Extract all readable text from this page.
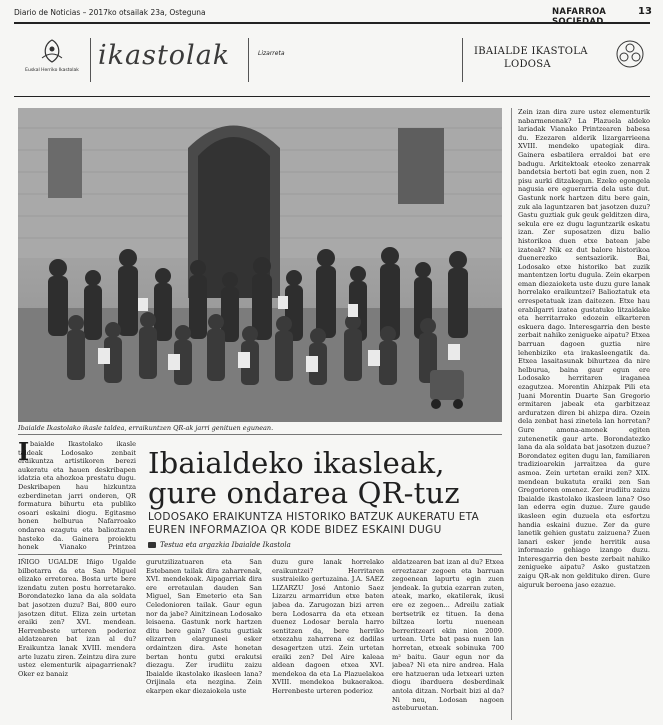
Diario de Noticias – 2017ko otsailak 23a, Osteguna	NAFARROA	13
Euskal Herriko Ikastolak ikastolak	Lizarreta	IBAIALDE IKASTOLA
LODOSA
Ibaialde Ikastolako ikasle taldea, erraikuntzen QR-ak jarri genituen egunean.
I baialde Ikastolako ikasle taldeak Lodosako zenbait eraikuntza artistikoren berezi aukeratu eta hauen deskribapen idatzia eta ahozkoa prestatu dugu. Deskribapen hau hizkuntza ezberdinetan jarri onderen, QR formatura bihurtu eta publiko osoari eskaini diogu. Egitasmo honen helburua Nafarroako ondarea ezagutu eta balioztazen hasteko da. Gainera proiektu honek Vianako Printzea
Ibaialdeko ikasleak, gure ondarea QR-tuz
LODOSAKO ERAIKUNTZA HISTORIKO BATZUK AUKERATU ETA EUREN INFORMAZIOA QR KODE BIDEZ ESKAINI DUGU
Testua eta argazkia Ibaialde Ikastola
IÑIGO UGALDE Iñigo Ugalde bilbotarra da eta San Miguel elizako erretorea. Bosta urte bere izendatu zuten postu horretarako. Borondatezko lana da ala soldata bat jasotzen duzu? Bai, 800 euro jasotzen ditut. Eliza zein urtetan eraiki zen? XVI. mendean. Herrenbeste urteren poderioz aldatzearen bat izan al du? Eraikuntza lanak XVIII. mendera arte luzatu ziren. Zeintzu dira zure ustez elementurik aipagarrienak? Oker ez banaiz
gurutzilizatuaren eta San Estebanen tailak dira zaharrenak, XVI. mendekoak. Aipagarriak dira ere erretaulan dauden San Miguel, San Emeterio eta San Celedonioren tailak. Gaur egun nor da jabe? Ainitzinean Lodosako leisaena. Gastunk nork hartzen ditu bere gain? Gastu guztiak elizarren elarguneei esker ordaintzen dira. Aste honetan bertan hontu gutxi erakutsi diezagu. Zer irudiitu zaizu Ibaialde ikastolako ikasleen lana? Orijinala eta nezgina. Zein ekarpen ekar diezaiokela uste
duzu gure lanak horrelako eraikuntzei? Herritaren sustraieiko gertuzaina. J.A. SAEZ LIZARZU José Antonio Saez Lizarzu armarridun etxe baten jabea da. Zarugozan bizi arren bera Lodosarra da eta etxean duenez Lodosar berala harro sentitzen da, bere herriko etxezahu zaharrena ez dadilas desagertzen utzi. Zein urtetan eraiki zen? Del Aire kaleaa aldean dagoen etxea XVI. mendekoa da eta La Plazuelakoa XVIII. mendekoa bukaerakoa. Herrenbeste urteren poderioz
aldatzearen bat izan al du? Etxea erreztazar zegoen eta barruan zegoenean lapurtu egin zuen jendeak. Ia gutxia ezarran zuten, ateak, marko, ekatilerak, ikusi ere ez zegoen... Adreilu zatiak bertsetrik ez tituen. Ia dena biltzea lortu nuenean berreritzeari ekin nion 2009. urtean. Urte bat pasa nuen lan horretan, etxeak sobinuka 700 m² baitu. Gaur egun nor da jabea? Ni eta nire andrea. Hala ere hatzueran uda letxeari uzten diogu ibarduera desberdinak antola ditzan. Norbait bizi al da? Ni neu, Lodosan nagoen asteburuetan.
Zein izan dira zure ustez elementurik nabarmenenak? La Plazuela aldeko lariadak Vianako Printzearen babesa du. Ezezaren alderik lizargarrieena XVIII. mendeko upategiak dira. Gainera esbatilera erraldoi bat ere badugu. Arkitektoak eteoko zenarrak bandetsia bertoti bat egin zuen, non 2 pisu aurki ditzakegun. Ezeko egongela nagusia ere eguerarria dela uste dut. Gastunk nork hartzen ditu bere gain, zuk ala laguntzaren bat jasotzen duzu? Gastu guztiak guk geuk gelditzen dira, sekula ere ez dugu laguntzarik eskatu izan. Zer suposatzen dizu balio historikoa duen etxe batean jabe izateak? Nik ez dut balore historikoa duenerezko sentsaziorik. Bai, Lodosako etxe historiko bat zuzik mantentzen lortu dugula. Zein ekarpen eman diezaioketa uste duzu gure lanak horrelako eraikuntzei? Balioztatuk eta errespetatuak izan daitezen. Etxe hau erabilgarri izatea gustatuko litzaidake eta herritarrako edozein elkarteren eskuera dago. Interesgarria den beste zerbait nahiko zenigueke aipatu? Etxea barruan dagoen guztia nire lehenbiziko eta irakasleengatik da. Etxea lasaitasunak bihurtzea da nire helburua, baina gaur egun ere Lodosako herritaren iraganea ezagutzea. Morentin Ahizpak Pili eta Juani Morentin Duarte San Gregorio ermitaren jabeak eta garbitzeaz arduratzen diren bi ahizpa dira. Ozein dela zenbat hasi zinetela lan horretan? Gure amona-amonek egiten zutenenetik gaur arte. Borondatezko lana da ala soldata bat jasotzen duzue? Borondatez egiten dugu lan, familiaren tradizioarekin jarraitzea da gure asmoa. Zein urtetan eraiki zen? XIX. mendean bukatuta eraiki zen San Gregorioren omenez. Zer irudiitu zaizu Ibaialde ikastolako ikasleen lana? Oso lan ederra egin duzue. Zure gaude ikasleen egin duzuela eta esfortzu handia eskaini duzue. Zer da gure lanetik gehien gustatu zaizuena? Zuen lanari esker jende herritik ausa informazio gehiago izango duzu. Interesgarria den beste zerbait nahiko zenigueke aipatu? Asko gustatzen zaigu QR-ak non geldituko diren. Gure aiguruk beroena jaso ezazue.
